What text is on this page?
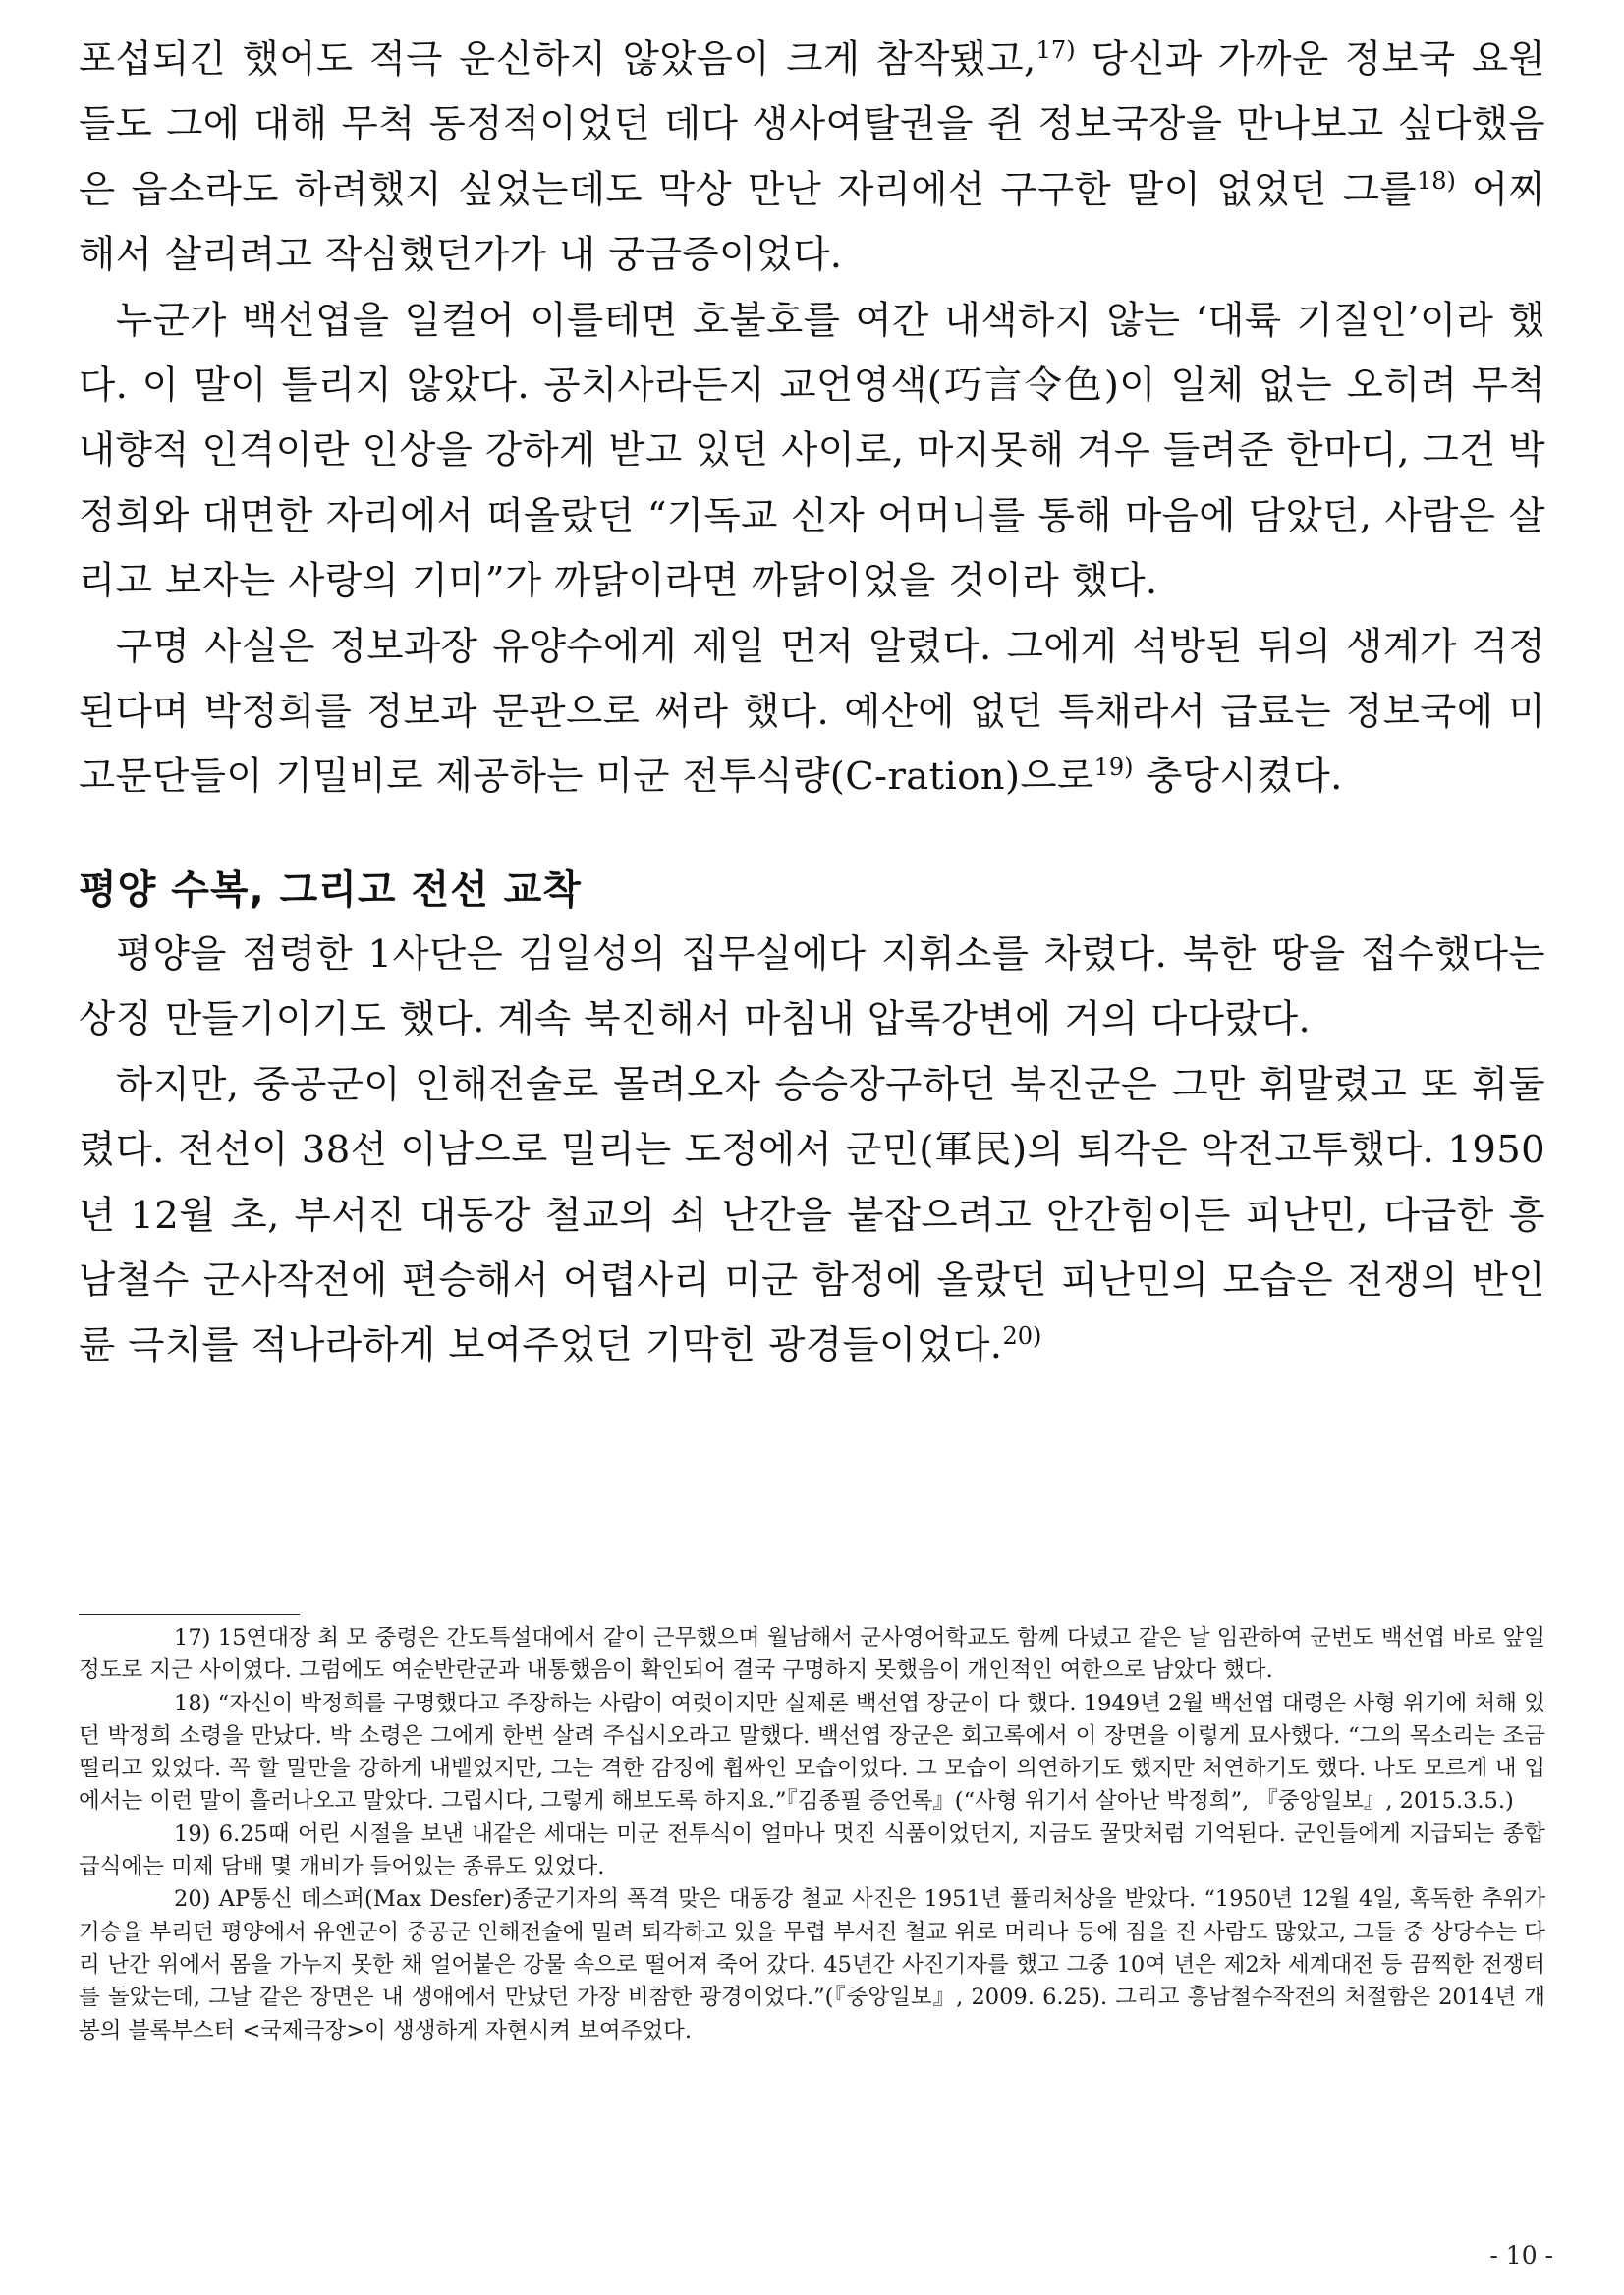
포섭되긴 했어도 적극 운신하지 않았음이 크게 참작됐고,$^{17)}$ 당신과 가까운 정보국 요원들도 그에 대해 무척 동정적이었던 데다 생사여탈권을 쥔 정보국장을 만나보고 싶다했음은 읍소라도 하려했지 싶었는데도 막상 만난 자리에선 구구한 말이 없었던 그를$^{18)}$ 어찌해서 살리려고 작심했던가가 내 궁금증이었다.

누군가 백선엽을 일컬어 이를테면 호불호를 여간 내색하지 않는 ‘대륙 기질인’이라 했다. 이 말이 틀리지 않았다. 공치사라든지 교언영색(巧言令色)이 일체 없는 오히려 무척 내향적 인격이란 인상을 강하게 받고 있던 사이로, 마지못해 겨우 들려준 한마디, 그건 박정희와 대면한 자리에서 떠올랐던 “기독교 신자 어머니를 통해 마음에 담았던, 사람은 살리고 보자는 사랑의 기미”가 까닭이라면 까닭이었을 것이라 했다.

구명 사실은 정보과장 유양수에게 제일 먼저 알렸다. 그에게 석방된 뒤의 생계가 걱정된다며 박정희를 정보과 문관으로 써라 했다. 예산에 없던 특채라서 급료는 정보국에 미고문단들이 기밀비로 제공하는 미군 전투식량(C-ration)으로$^{19)}$ 충당시켰다.

평양 수복, 그리고 전선 교착

평양을 점령한 1사단은 김일성의 집무실에다 지휘소를 차렸다. 북한 땅을 접수했다는 상징 만들기이기도 했다. 계속 북진해서 마침내 압록강변에 거의 다다랐다.

하지만, 중공군이 인해전술로 몰려오자 승승장구하던 북진군은 그만 휘말렸고 또 휘둘렸다. 전선이 38선 이남으로 밀리는 도정에서 군민(軍民)의 퇴각은 악전고투했다. 1950년 12월 초, 부서진 대동강 철교의 쇠 난간을 붙잡으려고 안간힘이든 피난민, 다급한 흥남철수 군사작전에 편승해서 어렵사리 미군 함정에 올랐던 피난민의 모습은 전쟁의 반인륜 극치를 적나라하게 보여주었던 기막힌 광경들이었다.$^{20)}$

17) 15연대장 최 모 중령은 간도특설대에서 같이 근무했으며 월남해서 군사영어학교도 함께 다녔고 같은 날 임관하여 군번도 백선엽 바로 앞일 정도로 지근 사이였다. 그럼에도 여순반란군과 내통했음이 확인되어 결국 구명하지 못했음이 개인적인 여한으로 남았다 했다.

18) “자신이 박정희를 구명했다고 주장하는 사람이 여럿이지만 실제론 백선엽 장군이 다 했다. 1949년 2월 백선엽 대령은 사형 위기에 처해 있던 박정희 소령을 만났다. 박 소령은 그에게 한번 살려 주십시오라고 말했다. 백선엽 장군은 회고록에서 이 장면을 이렇게 묘사했다. “그의 목소리는 조금 떨리고 있었다. 꼭 할 말만을 강하게 내뱉었지만, 그는 격한 감정에 휩싸인 모습이었다. 그 모습이 의연하기도 했지만 처연하기도 했다. 나도 모르게 내 입에서는 이런 말이 흘러나오고 말았다. 그립시다, 그렇게 해보도록 하지요.”『김종필 증언록』(“사형 위기서 살아난 박정희”, 『중앙일보』, 2015.3.5.)

19) 6.25때 어린 시절을 보낸 내같은 세대는 미군 전투식이 얼마나 멋진 식품이었던지, 지금도 꿀맛처럼 기억된다. 군인들에게 지급되는 종합 급식에는 미제 담배 몇 개비가 들어있는 종류도 있었다.

20) AP통신 데스퍼(Max Desfer)종군기자의 폭격 맞은 대동강 철교 사진은 1951년 퓰리처상을 받았다. “1950년 12월 4일, 혹독한 추위가 기승을 부리던 평양에서 유엔군이 중공군 인해전술에 밀려 퇴각하고 있을 무렵 부서진 철교 위로 머리나 등에 짐을 진 사람도 많았고, 그들 중 상당수는 다리 난간 위에서 몸을 가누지 못한 채 얼어붙은 강물 속으로 떨어져 죽어 갔다. 45년간 사진기자를 했고 그중 10여 년은 제2차 세계대전 등 끔찍한 전쟁터를 돌았는데, 그날 같은 장면은 내 생애에서 만났던 가장 비참한 광경이었다.”(『중앙일보』, 2009. 6.25). 그리고 흥남철수작전의 처절함은 2014년 개봉의 블록부스터 <국제극장>이 생생하게 자현시켜 보여주었다.

- 10 -
